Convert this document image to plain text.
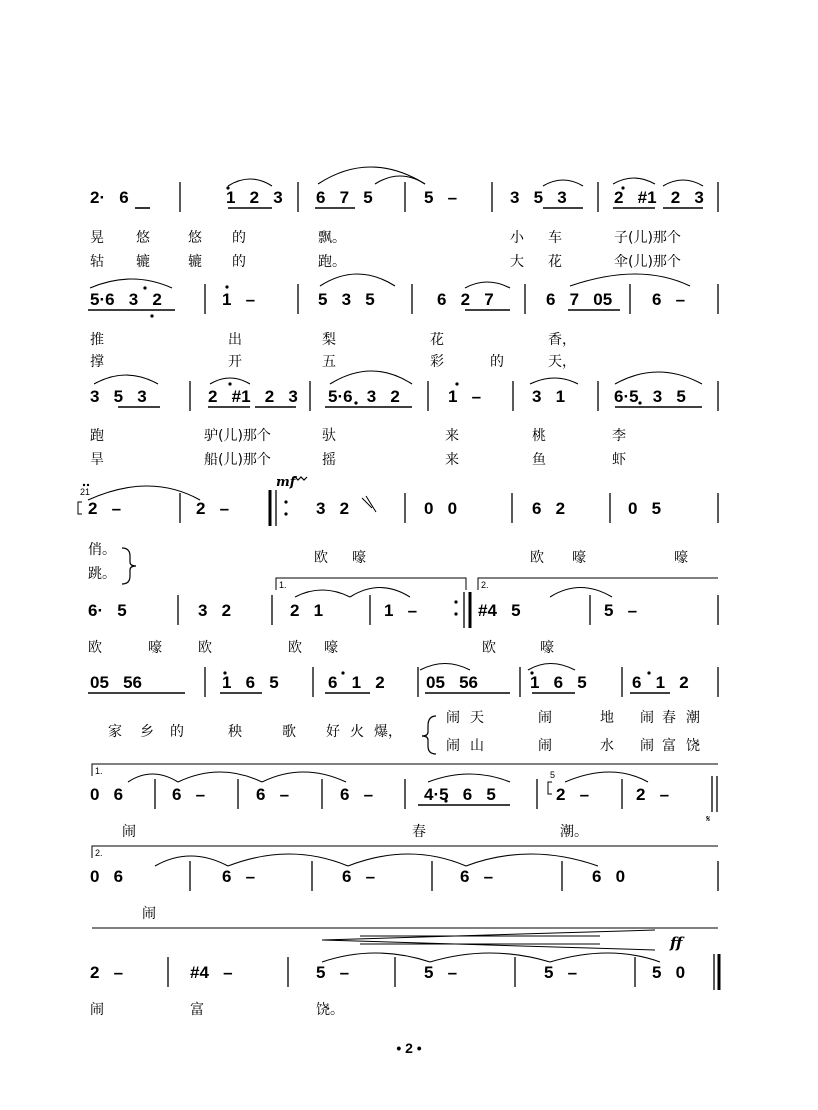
2·   6	1   2   3 6   7   5	5   –	3   5   3	2   #1   2   3
5·6   3   2	1   –	5   3   5	6   2   7	6   7   05 6   –
3   5   3	2   #1   2   3 5·6   3   2	1   –	3   1	6·5   3   5
2   –	2   –	3   2	0   0	6   2	0   5
6·   5	3   2	2   1	1   –	#4   5	5   –
05   56	1   6   5	6   1   2 05   56	1   6   5	6   1   2
0   6	6   –	6   –	6   –	4·5   6   5	2   –	2   –
0   6	6   –	6   –	6   –	6   0
2   –	#4   –	5   –	5   –	5   –	5   0
mf
ff
1.	2.
1.
2.
21
5
𝄋
晃 悠	悠 的	飘。	小 车	子(儿)那个
轱 辘	辘 的	跑。	大 花	伞(儿)那个
推	出	梨	花	香，
撑	开	五	彩	的	天，
跑	驴(儿)那个	驮	来	桃	李
旱	船(儿)那个	摇	来	鱼	虾
俏。	欧 嚎	欧 嚎	嚎
跳。
欧	嚎	欧	欧 嚎	欧	嚎
家 乡 的	秧	歌 好 火 爆，
闹 天	闹	地 闹 春 潮
闹 山	闹	水 闹 富 饶
闹	春	潮。
闹
闹	富	饶。
• 2 •
